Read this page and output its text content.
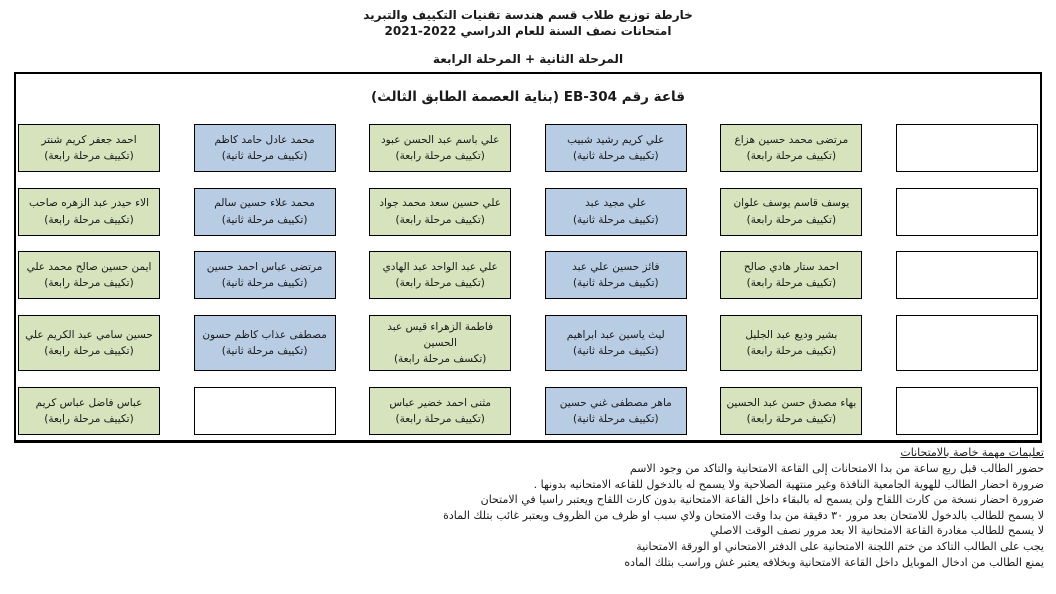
خارطة توزيع طلاب قسم هندسة تقنيات التكييف والتبريد
امتحانات نصف السنة للعام الدراسي 2022-2021
المرحلة الثانية + المرحلة الرابعة
قاعة رقم EB-304 (بناية العصمة الطابق الثالث)
احمد جعفر كريم شنتر
(تكييف مرحلة رابعة)
محمد عادل حامد كاظم
(تكييف مرحلة ثانية)
علي باسم عبد الحسن عبود
(تكييف مرحلة رابعة)
علي كريم رشيد شبيب
(تكييف مرحلة ثانية)
مرتضى محمد حسين هزاع
(تكييف مرحلة رابعة)
الاء حيدر عبد الزهره صاحب
(تكييف مرحلة رابعة)
محمد علاء حسين سالم
(تكييف مرحلة ثانية)
علي حسين سعد محمد جواد
(تكييف مرحلة رابعة)
علي مجيد عبد
(تكييف مرحلة ثانية)
يوسف قاسم يوسف علوان
(تكييف مرحلة رابعة)
ايمن حسين صالح محمد علي
(تكييف مرحلة رابعة)
مرتضى عباس احمد حسين
(تكييف مرحلة ثانية)
علي عبد الواحد عبد الهادي
(تكييف مرحلة رابعة)
فائز حسين علي عبد
(تكييف مرحلة ثانية)
احمد ستار هادي صالح
(تكييف مرحلة رابعة)
حسين سامي عبد الكريم علي
(تكييف مرحلة رابعة)
مصطفى عذاب كاظم حسون
(تكييف مرحلة ثانية)
فاطمة الزهراء قيس عبد الحسين
(تكسف مرحلة رابعة)
ليث ياسين عبد ابراهيم
(تكييف مرحلة ثانية)
بشير وديع عبد الجليل
(تكييف مرحلة رابعة)
عباس فاضل عباس كريم
(تكييف مرحلة رابعة)
مثنى احمد خضير عباس
(تكييف مرحلة رابعة)
ماهر مصطفى غني حسين
(تكييف مرحلة ثانية)
بهاء مصدق حسن عبد الحسين
(تكييف مرحلة رابعة)
تعليمات مهمة خاصة بالامتحانات
حضور الطالب قبل ربع ساعة من بدا الامتحانات إلى القاعة الامتحانية والتاكد من وجود الاسم
ضرورة احضار الطالب للهوية الجامعية النافذة وغير منتهية الصلاحية ولا يسمح له بالدخول للقاعه الامتحانيه بدونها .
ضرورة احضار نسخة من كارت اللقاح ولن يسمح له بالبقاء داخل القاعة الامتحانية بدون كارت اللقاح ويعتبر راسيا في الامتحان
لا يسمح للطالب بالدخول للامتحان بعد مرور ٣٠ دقيقة من بدا وقت الامتحان ولاي سبب او ظرف من الظروف ويعتبر غائب بتلك المادة
لا يسمح للطالب مغادرة القاعة الامتحانية الا بعد مرور نصف الوقت الاصلي
يجب على الطالب التاكد من ختم اللجنة الامتحانية على الدفتر الامتحاني او الورقة الامتحانية
يمنع الطالب من ادخال الموبايل داخل القاعة الامتحانية وبخلافه يعتبر غش وراسب بتلك الماده
